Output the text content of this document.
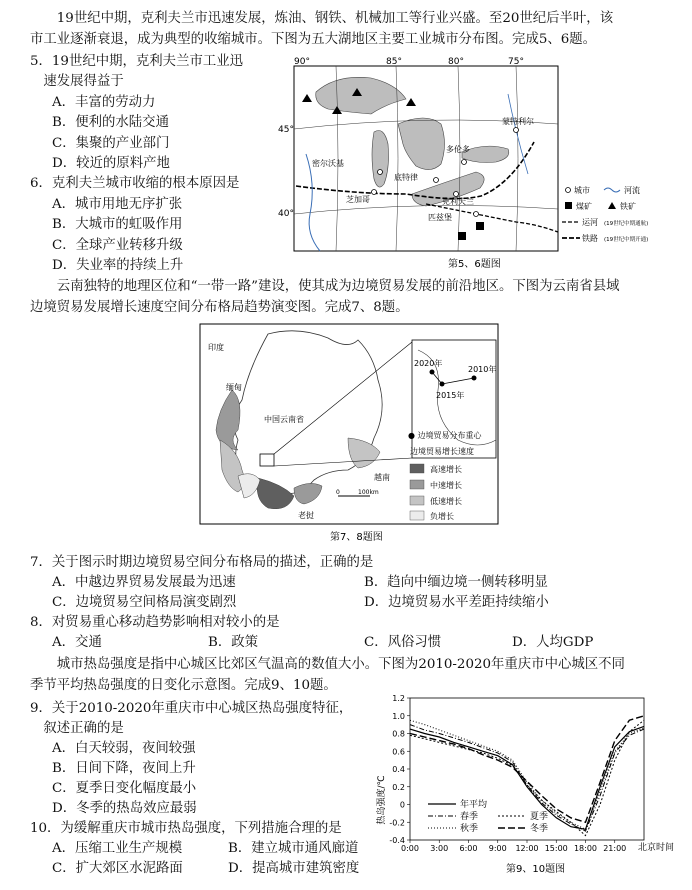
　　19世纪中期，克利夫兰市迅速发展，炼油、钢铁、机械加工等行业兴盛。至20世纪后半叶，该
市工业逐渐衰退，成为典型的收缩城市。下图为五大湖地区主要工业城市分布图。完成5、6题。
5．19世纪中期，克利夫兰市工业迅
　速发展得益于
A．丰富的劳动力
B．便利的水陆交通
C．集聚的产业部门
D．较近的原料产地
6．克利夫兰城市收缩的根本原因是
A．城市用地无序扩张
B．大城市的虹吸作用
C．全球产业转移升级
D．失业率的持续上升
90°	85°	80°	75°
45°
40°
蒙特利尔
多伦多
密尔沃基
底特律
芝加哥	克利夫兰
匹兹堡
城市	河流
煤矿	铁矿
运河 (19世纪中期通航)
铁路 (19世纪中期开通)
第5、6题图
　　云南独特的地理区位和“一带一路”建设，使其成为边境贸易发展的前沿地区。下图为云南省县域
边境贸易发展增长速度空间分布格局趋势演变图。完成7、8题。
2020年
2010年
2015年
印度
缅甸
中国云南省
越南
老挝
0	100km
● 边境贸易分布重心
边境贸易增长速度
高速增长
中速增长
低速增长
负增长
第7、8题图
7．关于图示时期边境贸易空间分布格局的描述，正确的是
A．中越边界贸易发展最为迅速	B．趋向中缅边境一侧转移明显
C．边境贸易空间格局演变剧烈	D．边境贸易水平差距持续缩小
8．对贸易重心移动趋势影响相对较小的是
A．交通	B．政策	C．风俗习惯	D．人均GDP
　　城市热岛强度是指中心城区比郊区气温高的数值大小。下图为2010-2020年重庆市中心城区不同
季节平均热岛强度的日变化示意图。完成9、10题。
9．关于2010-2020年重庆市中心城区热岛强度特征，
　叙述正确的是
A．白天较弱，夜间较强
B．日间下降，夜间上升
C．夏季日变化幅度最小
D．冬季的热岛效应最弱
10．为缓解重庆市城市热岛强度，下列措施合理的是
A．压缩工业生产规模	B．建立城市通风廊道
C．扩大郊区水泥路面	D．提高城市建筑密度
-0.4
-0.2
0
0.2
0.4
0.6
0.8
1.0
1.2
0:00 3:00 6:00 9:00 12:00 15:00 18:00 21:00
热岛强度/℃	年平均
春季	夏季
秋季	冬季
北京时间
第9、10题图
